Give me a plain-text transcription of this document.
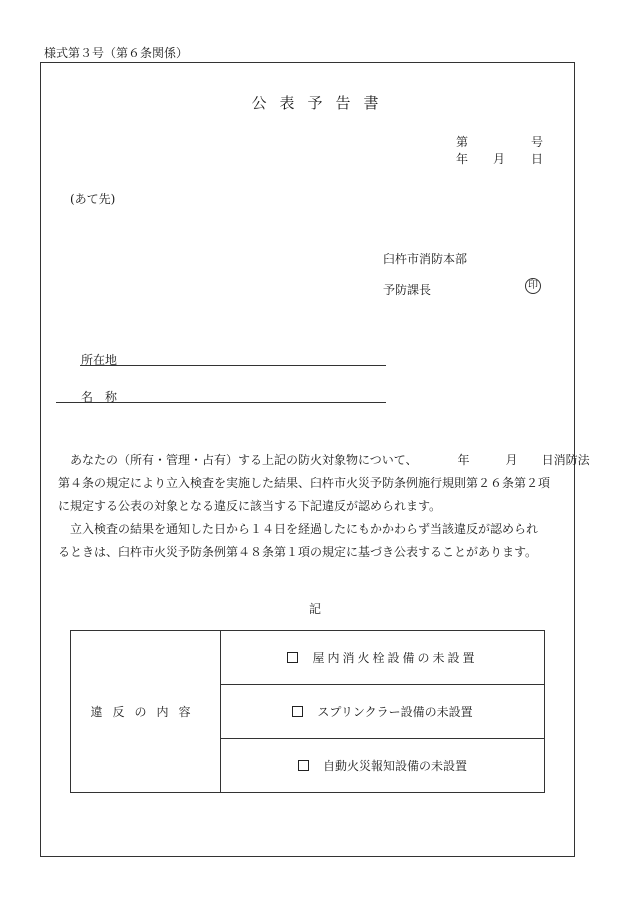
様式第３号（第６条関係）
公表予告書
第	号
年 月 日
(あて先)
臼杵市消防本部
予防課長	印
所在地
名　称

あなたの（所有・管理・占有）する上記の防火対象物について、	年	月 日消防法

第４条の規定により立入検査を実施した結果、臼杵市火災予防条例施行規則第２６条第２項

に規定する公表の対象となる違反に該当する下記違反が認められます。

立入検査の結果を通知した日から１４日を経過したにもかかわらず当該違反が認められ

るときは、臼杵市火災予防条例第４８条第１項の規定に基づき公表することがあります。

記
違反の内容	屋内消火栓設備の未設置
スプリンクラー設備の未設置
自動火災報知設備の未設置
